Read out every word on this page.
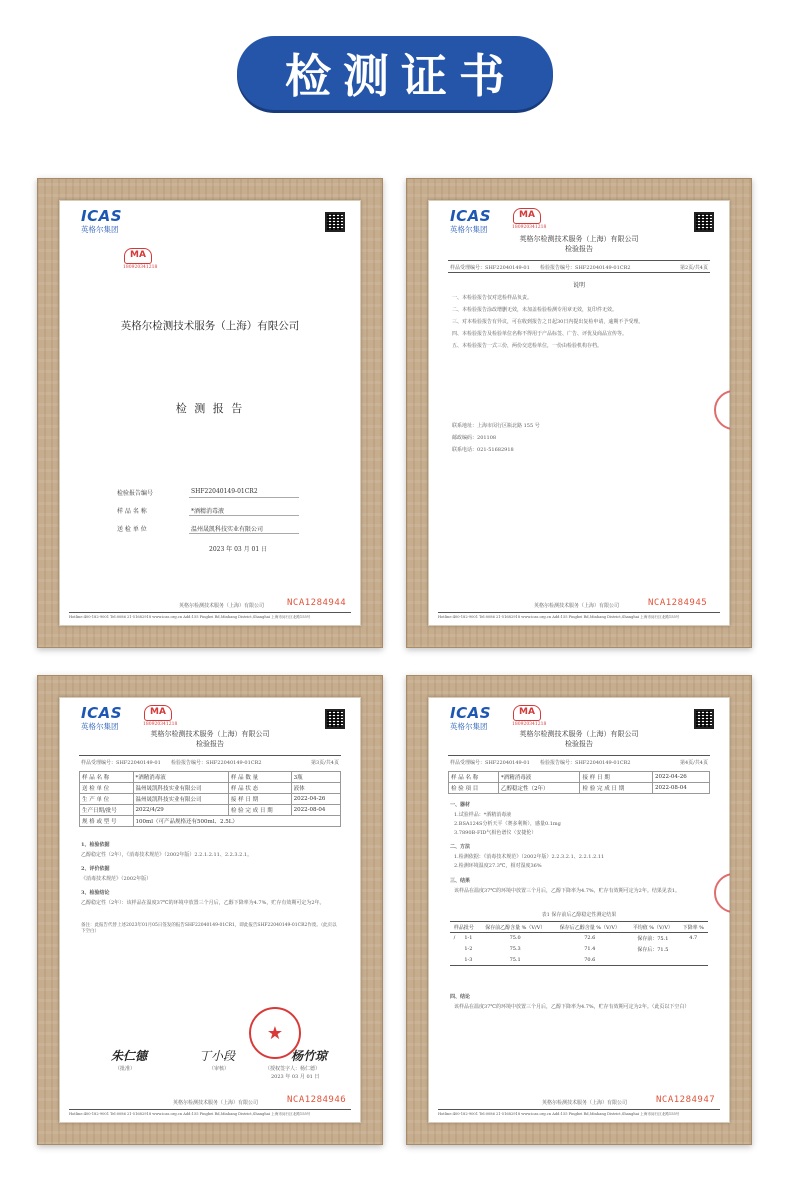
检测证书
ICAS
英格尔集团
MA
180920341218
英格尔检测技术服务（上海）有限公司
检 测 报 告
检验报告编号	SHF22040149-01CR2
样 品 名 称	*酒精消毒液
送 检 单 位	温州晟凯科技实业有限公司
2023 年 03 月 01 日
英格尔检测技术服务（上海）有限公司	NCA1284944
Hotline:400-182-9001 Tel:0086 21-51682918 www.icas.org.cn Add:155 Pingbei Rd,Minhang District,Shanghai 上海市闵行区北路155号
ICAS
英格尔集团
MA
180920341218
英格尔检测技术服务（上海）有限公司
检验报告
样品受理编号：SHF22040149-01 检验报告编号：SHF22040149-01CR2	第2页/共4页
说明
一、本检验报告仅对送检样品负责。
二、本检验报告涂改增删无效，未加盖检验检测专用章无效，复印件无效。
三、对本检验报告有异议，可在收到报告之日起30日内提出复检申请，逾期不予受理。
四、本检验报告及检验单位名称不得用于产品标签、广告、评优及商品宣传等。
五、本检验报告一式三份，两份交送检单位，一份由检验机构存档。
联系地址：上海市闵行区瓶北路 155 号
邮政编码：201108
联系电话：021-51682918
英格尔检测技术服务（上海）有限公司	NCA1284945
Hotline:400-182-9001 Tel:0086 21-51682918 www.icas.org.cn Add:155 Pingbei Rd,Minhang District,Shanghai 上海市闵行区北路155号
ICAS
英格尔集团
MA
180920341218
英格尔检测技术服务（上海）有限公司
检验报告
样品受理编号：SHF22040149-01 检验报告编号：SHF22040149-01CR2	第3页/共4页
样 品 名 称	*酒精消毒液	样 品 数 量	3瓶
送 检 单 位	温州晟凯科技实业有限公司	样 品 状 态	液体
生 产 单 位	温州晟凯科技实业有限公司	接 样 日 期	2022-04-26
生产日期/批号	2022/4/29	检 验 完 成 日 期	2022-08-04
规 格 或 型 号	100ml（可产品规格还有500ml、2.5L）		
1、检验依据
乙醇稳定性（2年），《消毒技术规范》（2002年版）2.2.1.2.11、2.2.3.2.1。
2、评价依据
《消毒技术规范》（2002年版）
3、检验结论
乙醇稳定性（2年）：该样品在温度37℃的环境中放置三个月后，乙醇下降率为4.7%，贮存有效期可定为2年。
备注：此报告代替上述2023年01月05日签发的报告SHF22040149-01CR1，即此报告SHF22040149-01CR2作废。（此页以下空白）
★
朱仁德
（批准）
丁小段
（审核）
杨竹琼
（授权签字人：杨仁德）
2023 年 03 月 01 日
英格尔检测技术服务（上海）有限公司	NCA1284946
Hotline:400-182-9001 Tel:0086 21-51682918 www.icas.org.cn Add:155 Pingbei Rd,Minhang District,Shanghai 上海市闵行区北路155号
ICAS
英格尔集团
MA
180920341218
英格尔检测技术服务（上海）有限公司
检验报告
样品受理编号：SHF22040149-01 检验报告编号：SHF22040149-01CR2	第4页/共4页
样 品 名 称	*酒精消毒液	接 样 日 期	2022-04-26
检 验 项 目	乙醇稳定性（2年）	检 验 完 成 日 期	2022-08-04
一、器材
1.试验样品：*酒精消毒液
2.BSA124S分析天平（赛多利斯），感量0.1mg
3.7890B-FID气相色谱仪（安捷伦）
二、方法
1.检测依据：《消毒技术规范》（2002年版）2.2.3.2.1、2.2.1.2.11
2.检测环境温度27.3℃，相对湿度36%
三、结果
该样品在温度37℃的环境中放置三个月后，乙醇下降率为4.7%，贮存有效期可定为2年。结果见表1。
表1 保存前后乙醇稳定性测定结果
样品批号		保存前乙醇含量 %（V/V）	保存后乙醇含量 %（V/V）	平均值 %（V/V）	下降率 %
/	1-1	75.0	72.6	保存前：75.1	4.7
	1-2	75.3	71.4	保存后：71.5	
	1-3	75.1	70.6		
四、结论
该样品在温度37℃的环境中放置三个月后，乙醇下降率为4.7%，贮存有效期可定为2年。（此页以下空白）
英格尔检测技术服务（上海）有限公司	NCA1284947
Hotline:400-182-9001 Tel:0086 21-51682918 www.icas.org.cn Add:155 Pingbei Rd,Minhang District,Shanghai 上海市闵行区北路155号
